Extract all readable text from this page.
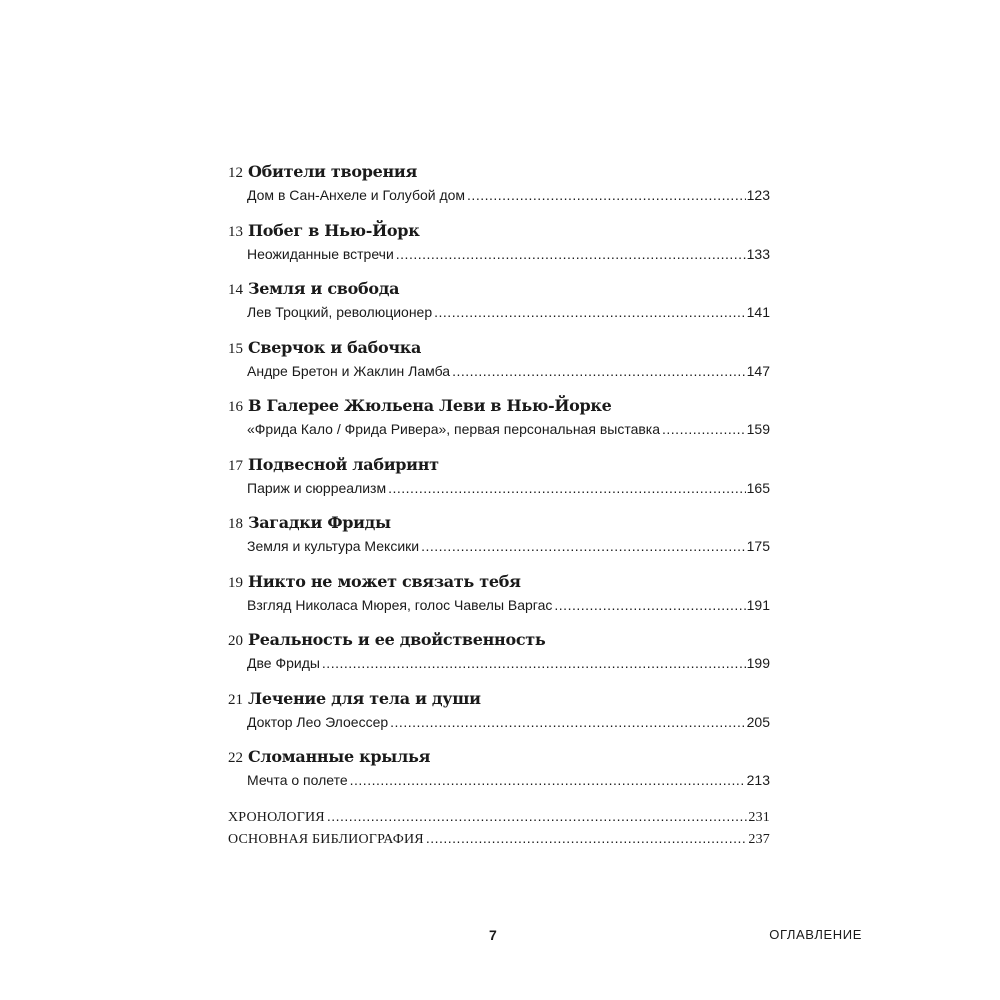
12 Обители творения
Дом в Сан-Анхеле и Голубой дом .....	123
13 Побег в Нью-Йорк
Неожиданные встречи .....	133
14 Земля и свобода
Лев Троцкий, революционер .....	141
15 Сверчок и бабочка
Андре Бретон и Жаклин Ламба .....	147
16 В Галерее Жюльена Леви в Нью-Йорке
«Фрида Кало / Фрида Ривера», первая персональная выставка .....	159
17 Подвесной лабиринт
Париж и сюрреализм .....	165
18 Загадки Фриды
Земля и культура Мексики .....	175
19 Никто не может связать тебя
Взгляд Николаса Мюрея, голос Чавелы Варгас .....	191
20 Реальность и ее двойственность
Две Фриды .....	199
21 Лечение для тела и души
Доктор Лео Элоессер .....	205
22 Сломанные крылья
Мечта о полете .....	213
ХРОНОЛОГИЯ .....	231
ОСНОВНАЯ БИБЛИОГРАФИЯ .....	237
7	ОГЛАВЛЕНИЕ
